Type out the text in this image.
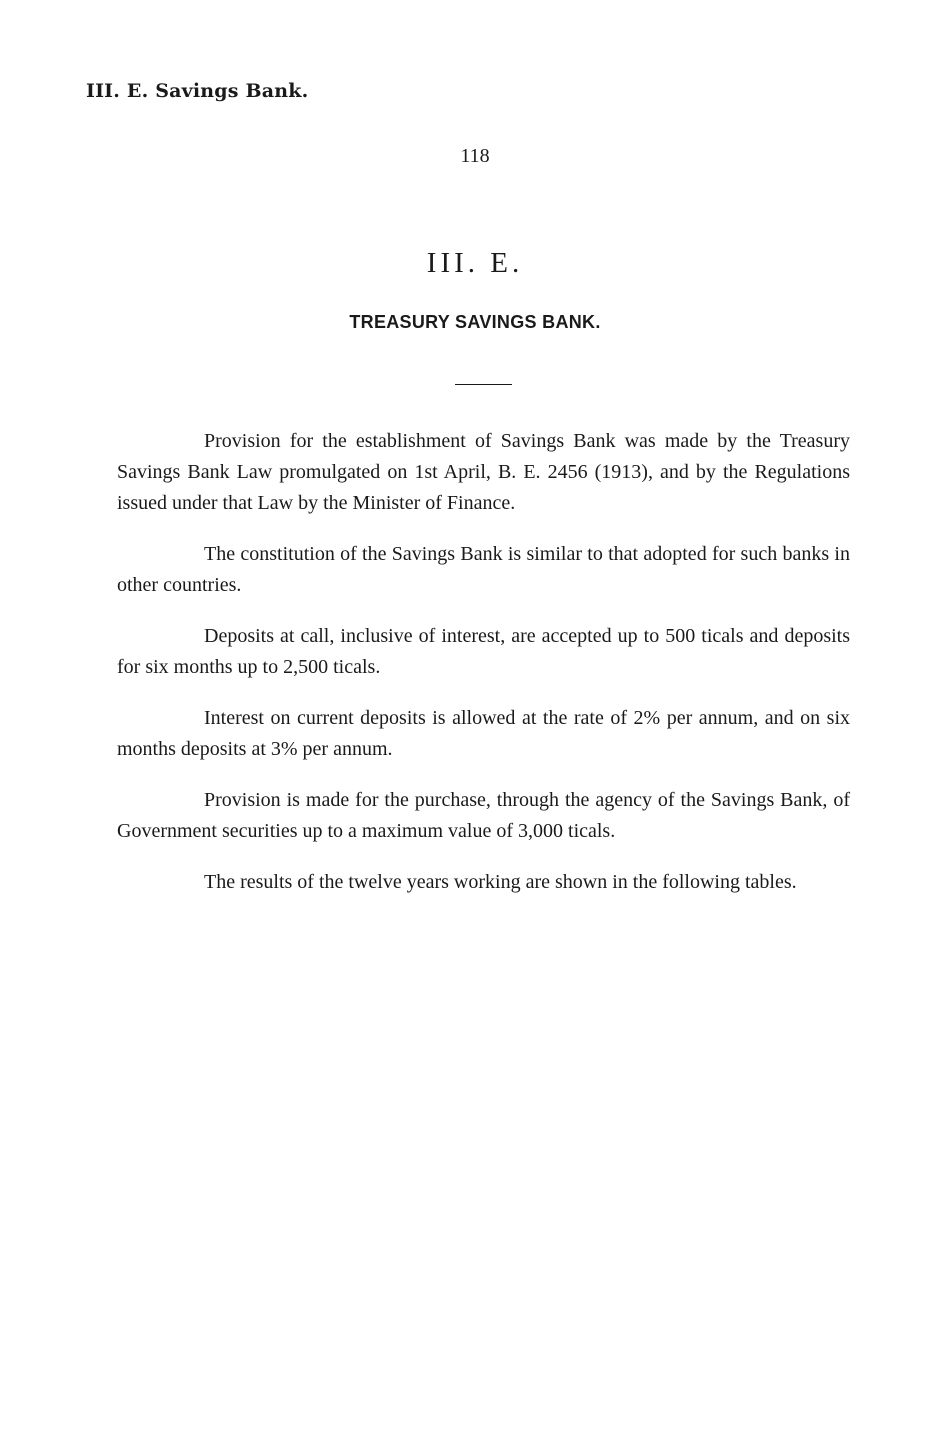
III. E. Savings Bank.
118
III. E.
TREASURY SAVINGS BANK.

Provision for the establishment of Savings Bank was made by the Treasury Savings Bank Law promulgated on 1st April, B. E. 2456 (1913), and by the Regulations issued under that Law by the Minister of Finance.

The constitution of the Savings Bank is similar to that adopted for such banks in other countries.

Deposits at call, inclusive of interest, are accepted up to 500 ticals and deposits for six months up to 2,500 ticals.

Interest on current deposits is allowed at the rate of 2% per annum, and on six months deposits at 3% per annum.

Provision is made for the purchase, through the agency of the Savings Bank, of Government securities up to a maximum value of 3,000 ticals.

The results of the twelve years working are shown in the following tables.
